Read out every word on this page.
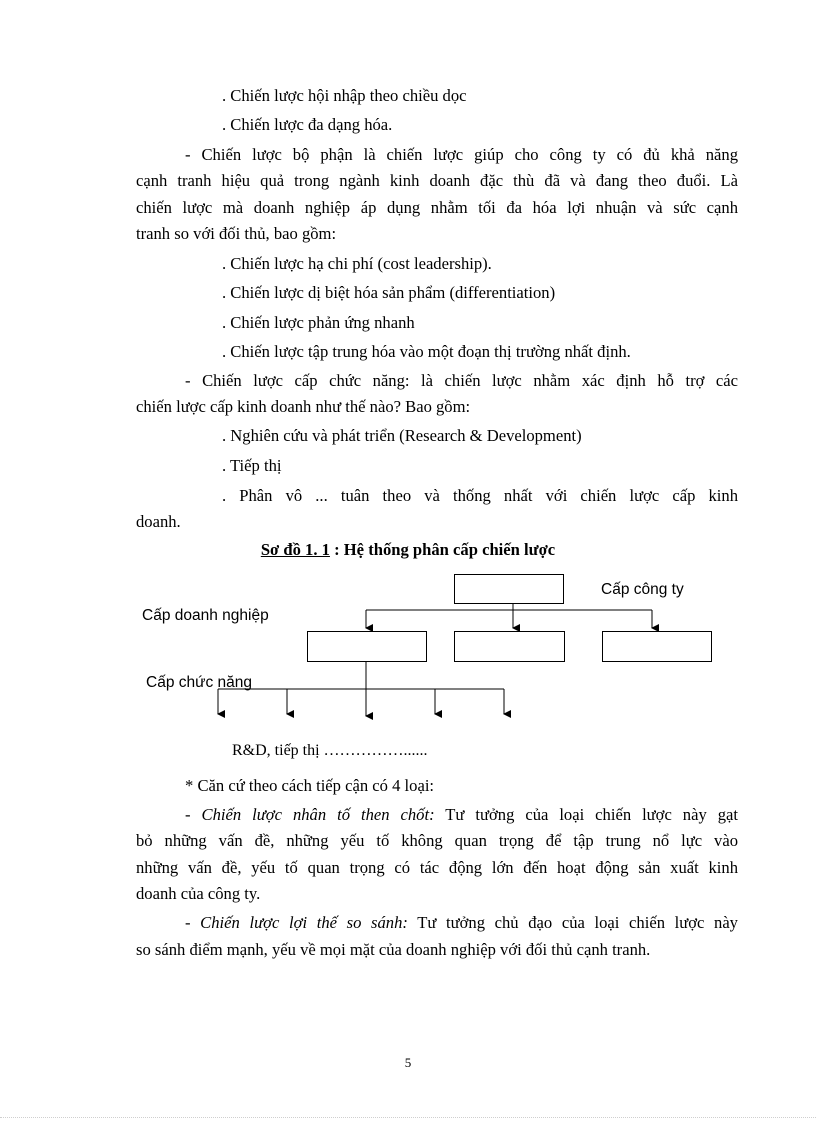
. Chiến lược hội nhập theo chiều dọc
. Chiến lược đa dạng hóa.
- Chiến lược bộ phận là chiến lược giúp cho công ty có đủ khả năng
cạnh tranh hiệu quả trong ngành kinh doanh đặc thù đã và đang theo đuổi. Là
chiến lược mà doanh nghiệp áp dụng nhằm tối đa hóa lợi nhuận và sức cạnh
tranh so với đối thủ, bao gồm:
. Chiến lược hạ chi phí (cost leadership).
. Chiến lược dị biệt hóa sản phẩm (differentiation)
. Chiến lược phản ứng nhanh
. Chiến lược tập trung hóa vào một đoạn thị trường nhất định.
- Chiến lược cấp chức năng: là chiến lược nhằm xác định hỗ trợ các
chiến lược cấp kinh doanh như thế nào? Bao gồm:
. Nghiên cứu và phát triển (Research & Development)
. Tiếp thị
. Phân vô ... tuân theo và thống nhất với chiến lược cấp kinh
doanh.
Sơ đồ 1. 1 : Hệ thống phân cấp chiến lược
Cấp công ty
Cấp doanh nghiệp
Cấp chức năng
R&D, tiếp thị ……………......
* Căn cứ theo cách tiếp cận có 4 loại:
- Chiến lược nhân tố then chốt: Tư tưởng của loại chiến lược này gạt
bỏ những vấn đề, những yếu tố không quan trọng để tập trung nổ lực vào
những vấn đề, yếu tố quan trọng có tác động lớn đến hoạt động sản xuất kinh
doanh của công ty.
- Chiến lược lợi thế so sánh: Tư tưởng chủ đạo của loại chiến lược này
so sánh điểm mạnh, yếu về mọi mặt của doanh nghiệp với đối thủ cạnh tranh.
5
